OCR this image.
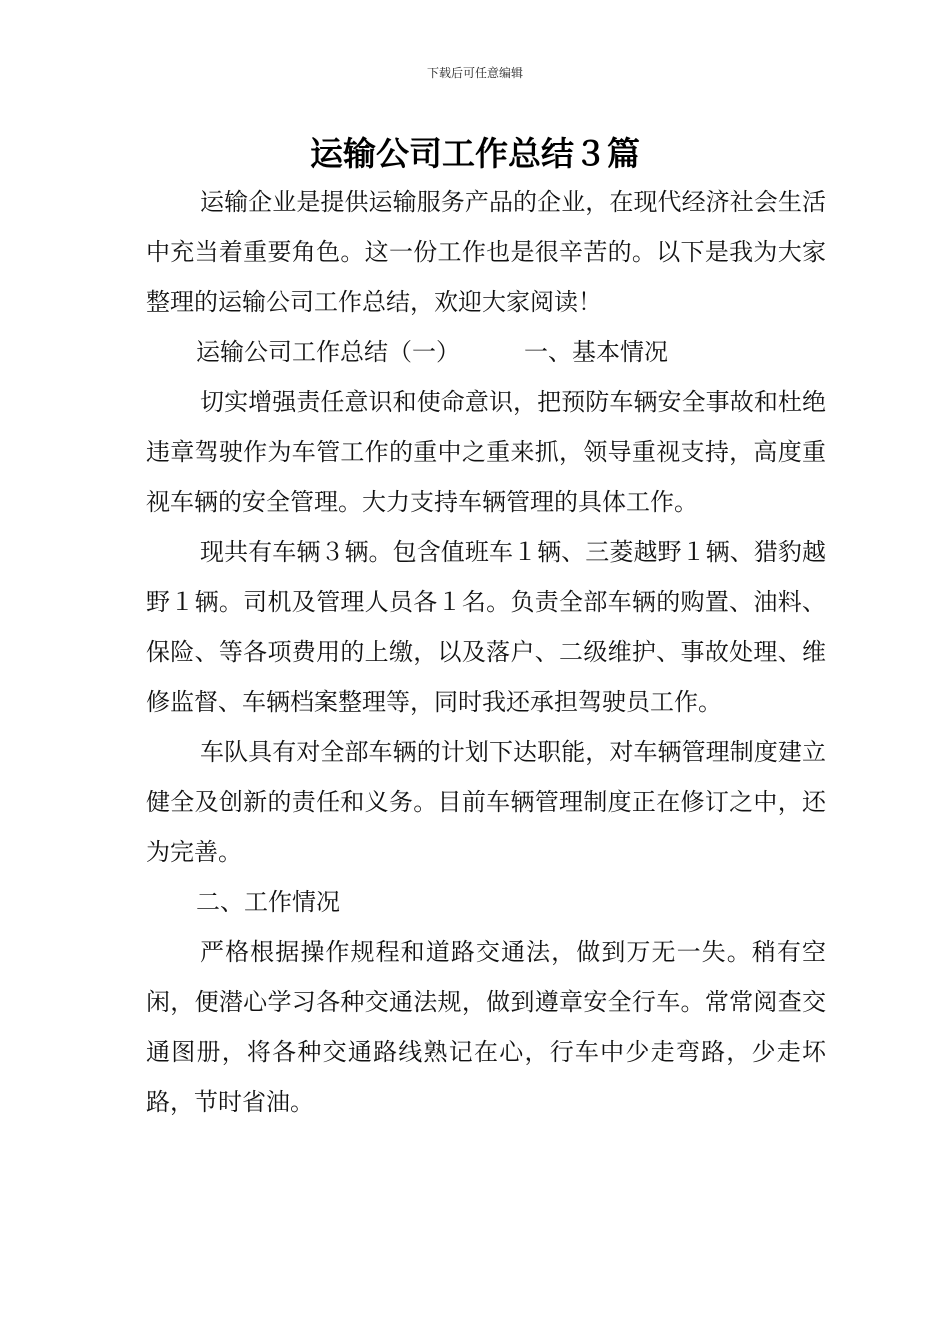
下载后可任意编辑
运输公司工作总结３篇

运输企业是提供运输服务产品的企业，在现代经济社会生活中充当着重要角色。这一份工作也是很辛苦的。以下是我为大家整理的运输公司工作总结，欢迎大家阅读！

运输公司工作总结（一）	一、基本情况

切实增强责任意识和使命意识，把预防车辆安全事故和杜绝违章驾驶作为车管工作的重中之重来抓，领导重视支持，高度重视车辆的安全管理。大力支持车辆管理的具体工作。

现共有车辆３辆。包含值班车１辆、三菱越野１辆、猎豹越野１辆。司机及管理人员各１名。负责全部车辆的购置、油料、保险、等各项费用的上缴，以及落户、二级维护、事故处理、维修监督、车辆档案整理等，同时我还承担驾驶员工作。

车队具有对全部车辆的计划下达职能，对车辆管理制度建立健全及创新的责任和义务。目前车辆管理制度正在修订之中，还为完善。

二、工作情况

严格根据操作规程和道路交通法，做到万无一失。稍有空闲，便潜心学习各种交通法规，做到遵章安全行车。常常阅查交通图册，将各种交通路线熟记在心，行车中少走弯路，少走坏路，节时省油。
